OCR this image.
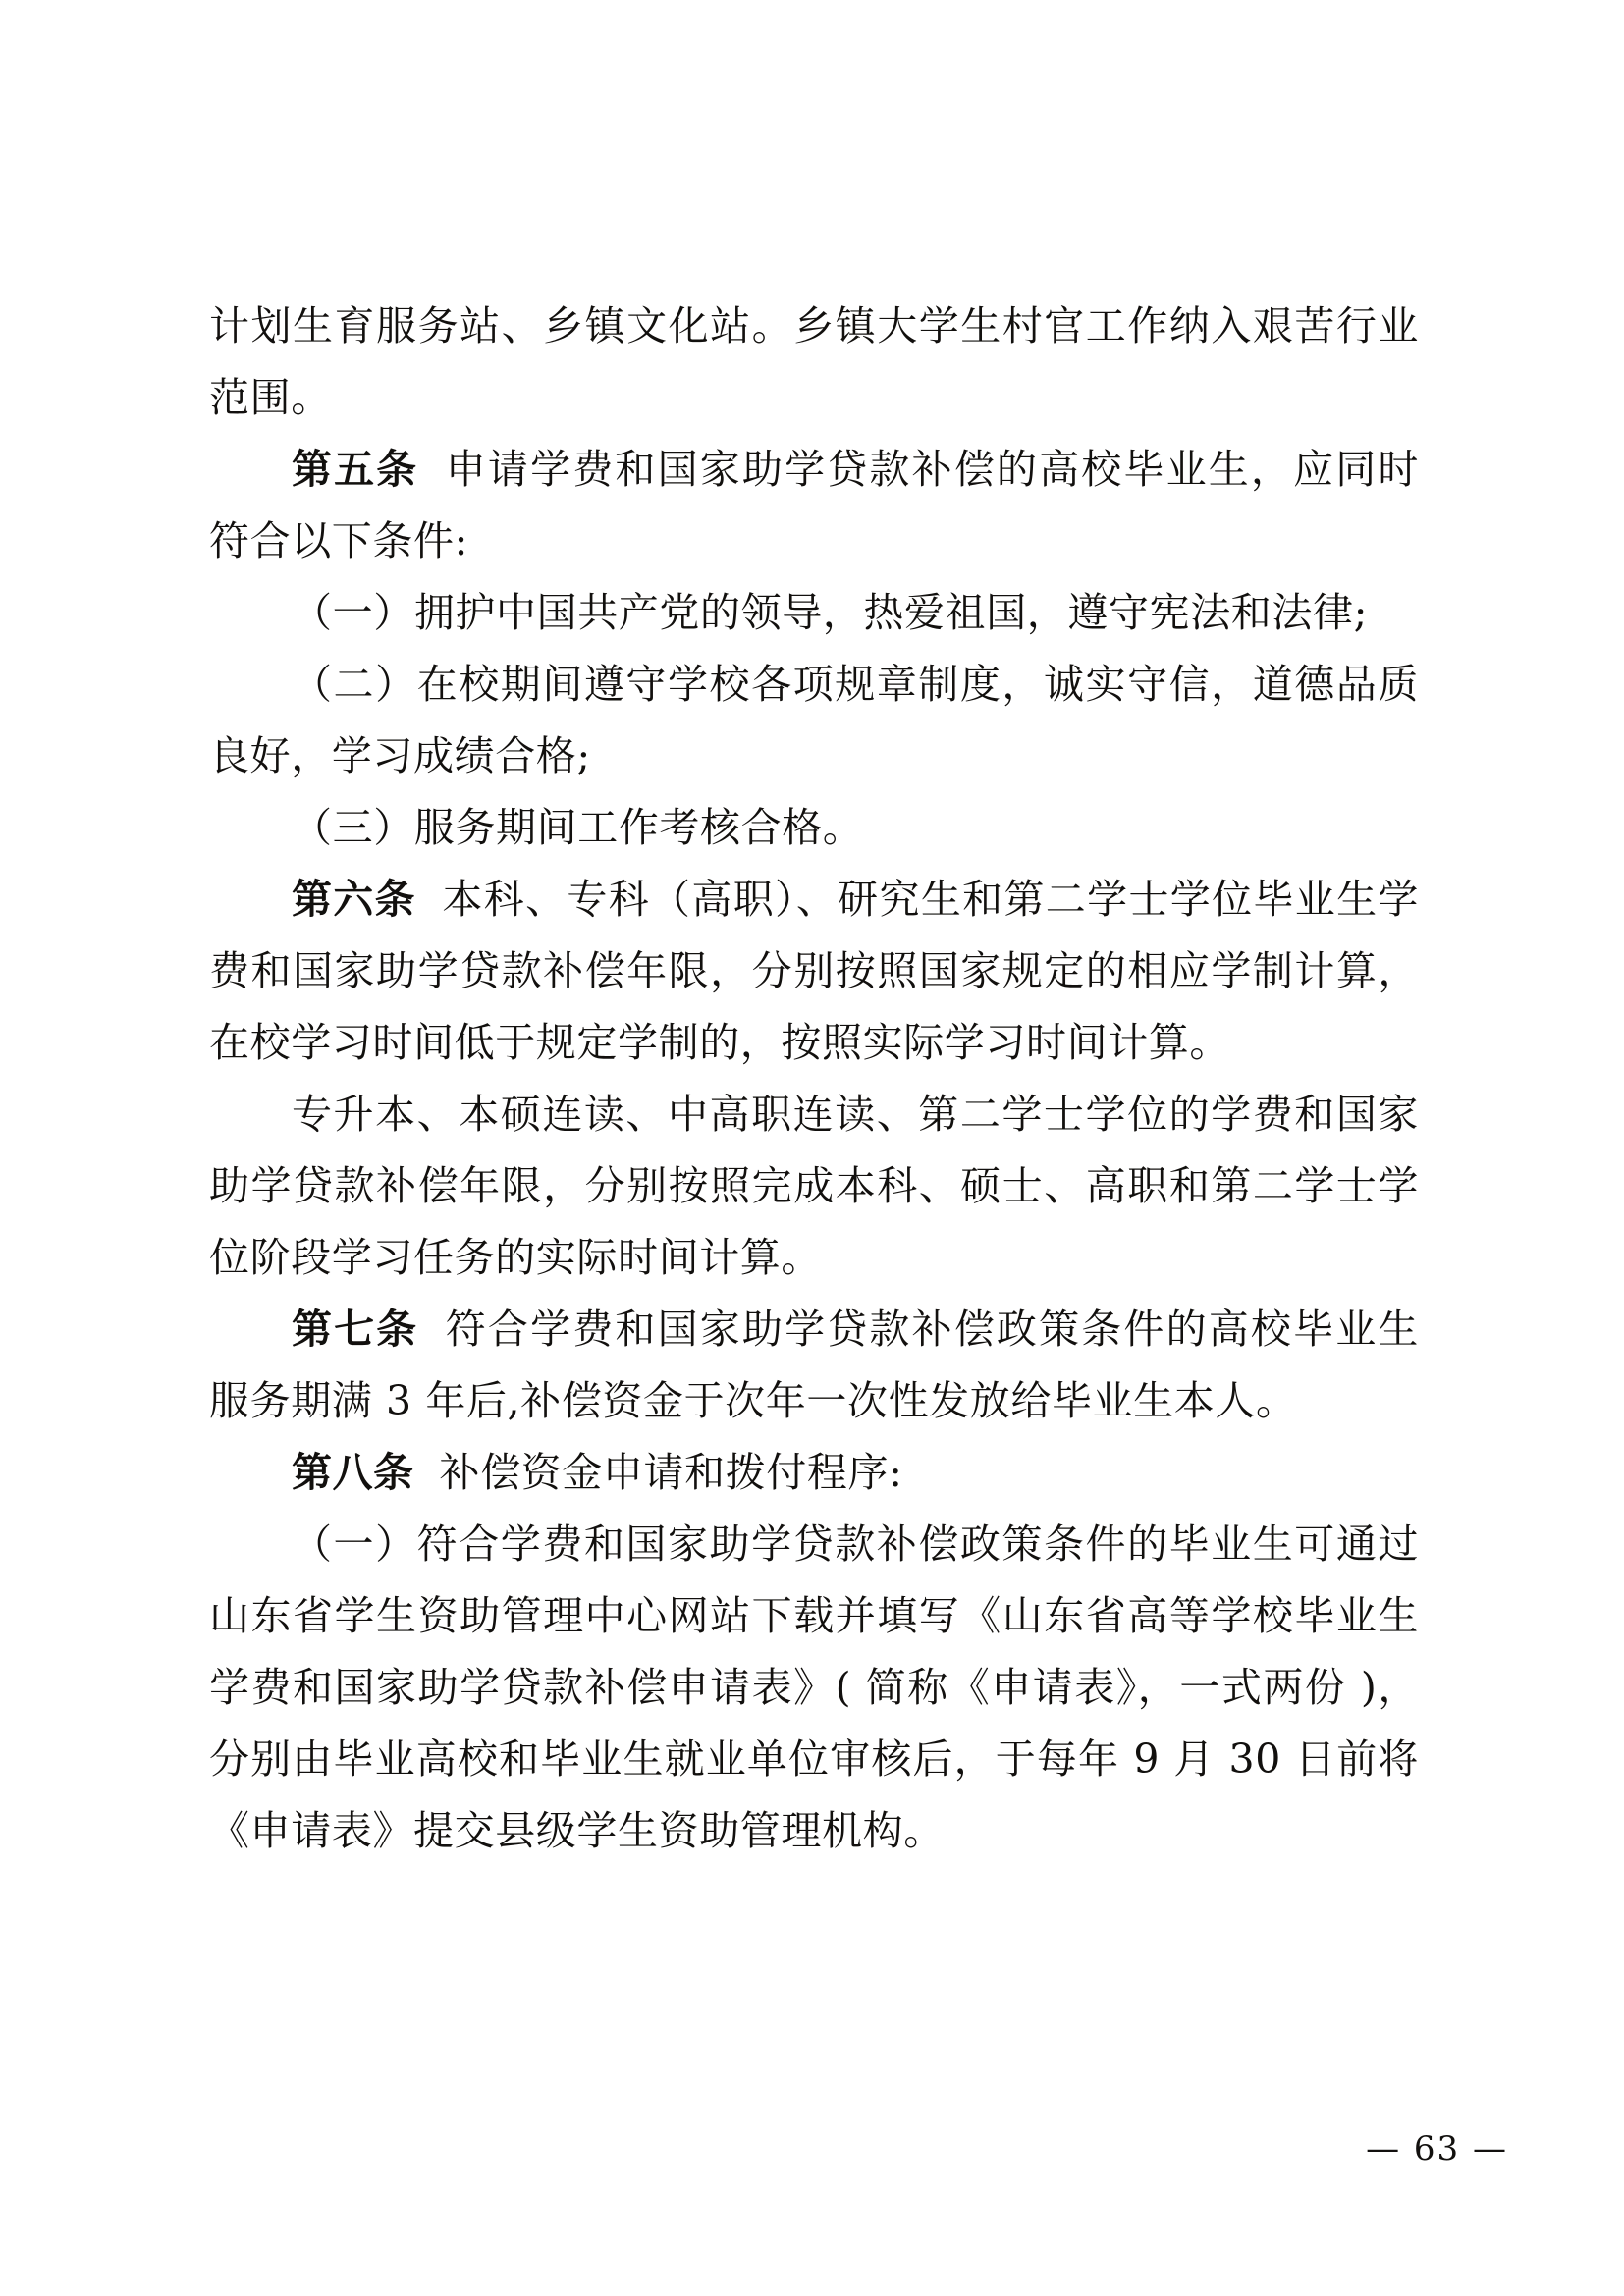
计划生育服务站、乡镇文化站。乡镇大学生村官工作纳入艰苦行业范围。

第五条 申请学费和国家助学贷款补偿的高校毕业生，应同时符合以下条件:

（一）拥护中国共产党的领导，热爱祖国，遵守宪法和法律;

（二）在校期间遵守学校各项规章制度，诚实守信，道德品质良好，学习成绩合格;

（三）服务期间工作考核合格。

第六条 本科、专科（高职）、研究生和第二学士学位毕业生学费和国家助学贷款补偿年限，分别按照国家规定的相应学制计算，在校学习时间低于规定学制的，按照实际学习时间计算。

专升本、本硕连读、中高职连读、第二学士学位的学费和国家助学贷款补偿年限，分别按照完成本科、硕士、高职和第二学士学位阶段学习任务的实际时间计算。

第七条 符合学费和国家助学贷款补偿政策条件的高校毕业生服务期满 3 年后,补偿资金于次年一次性发放给毕业生本人。

第八条 补偿资金申请和拨付程序:

（一）符合学费和国家助学贷款补偿政策条件的毕业生可通过山东省学生资助管理中心网站下载并填写《山东省高等学校毕业生学费和国家助学贷款补偿申请表》( 简称《申请表》，一式两份 )，分别由毕业高校和毕业生就业单位审核后，于每年 9 月 30 日前将《申请表》提交县级学生资助管理机构。

— 63 —
